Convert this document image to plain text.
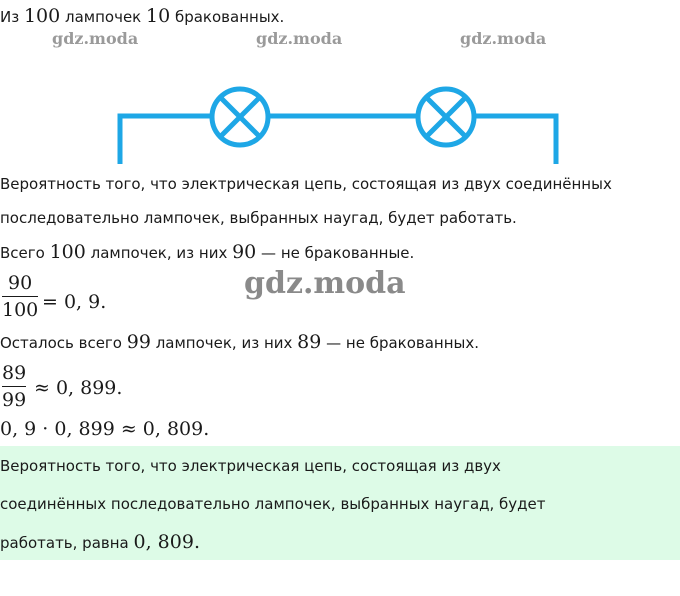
Из 100 лампочек 10 бракованных.
gdz.moda	gdz.moda	gdz.moda
Вероятность того, что электрическая цепь, состоящая из двух соединённых
последовательно лампочек, выбранных наугад, будет работать.
Всего 100 лампочек, из них 90 — не бракованные.
gdz.moda
90
100 = 0, 9.
Осталось всего 99 лампочек, из них 89 — не бракованных.
89
99
≈ 0, 899.
0, 9 · 0, 899 ≈ 0, 809.
Вероятность того, что электрическая цепь, состоящая из двух
соединённых последовательно лампочек, выбранных наугад, будет
работать, равна 0, 809.
